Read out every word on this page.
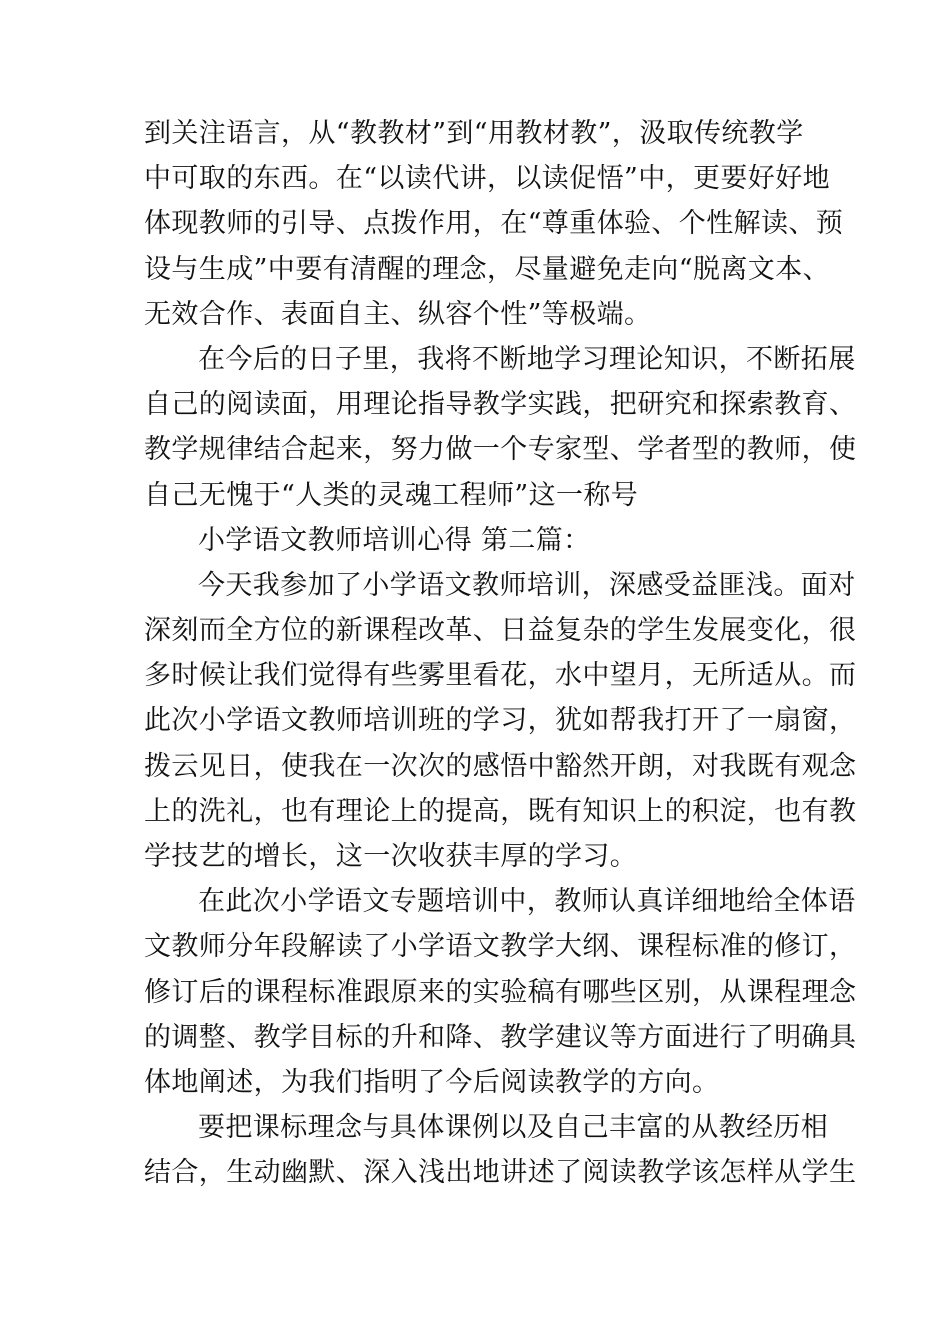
到关注语言，从“教教材”到“用教材教”，汲取传统教学
中可取的东西。在“以读代讲，以读促悟”中，更要好好地
体现教师的引导、点拨作用，在“尊重体验、个性解读、预
设与生成”中要有清醒的理念，尽量避免走向“脱离文本、
无效合作、表面自主、纵容个性”等极端。
在今后的日子里，我将不断地学习理论知识，不断拓展
自己的阅读面，用理论指导教学实践，把研究和探索教育、
教学规律结合起来，努力做一个专家型、学者型的教师，使
自己无愧于“人类的灵魂工程师”这一称号
小学语文教师培训心得 第二篇：
今天我参加了小学语文教师培训，深感受益匪浅。面对
深刻而全方位的新课程改革、日益复杂的学生发展变化，很
多时候让我们觉得有些雾里看花，水中望月，无所适从。而
此次小学语文教师培训班的学习，犹如帮我打开了一扇窗，
拨云见日，使我在一次次的感悟中豁然开朗，对我既有观念
上的洗礼，也有理论上的提高，既有知识上的积淀，也有教
学技艺的增长，这一次收获丰厚的学习。
在此次小学语文专题培训中，教师认真详细地给全体语
文教师分年段解读了小学语文教学大纲、课程标准的修订，
修订后的课程标准跟原来的实验稿有哪些区别，从课程理念
的调整、教学目标的升和降、教学建议等方面进行了明确具
体地阐述，为我们指明了今后阅读教学的方向。
要把课标理念与具体课例以及自己丰富的从教经历相
结合，生动幽默、深入浅出地讲述了阅读教学该怎样从学生
